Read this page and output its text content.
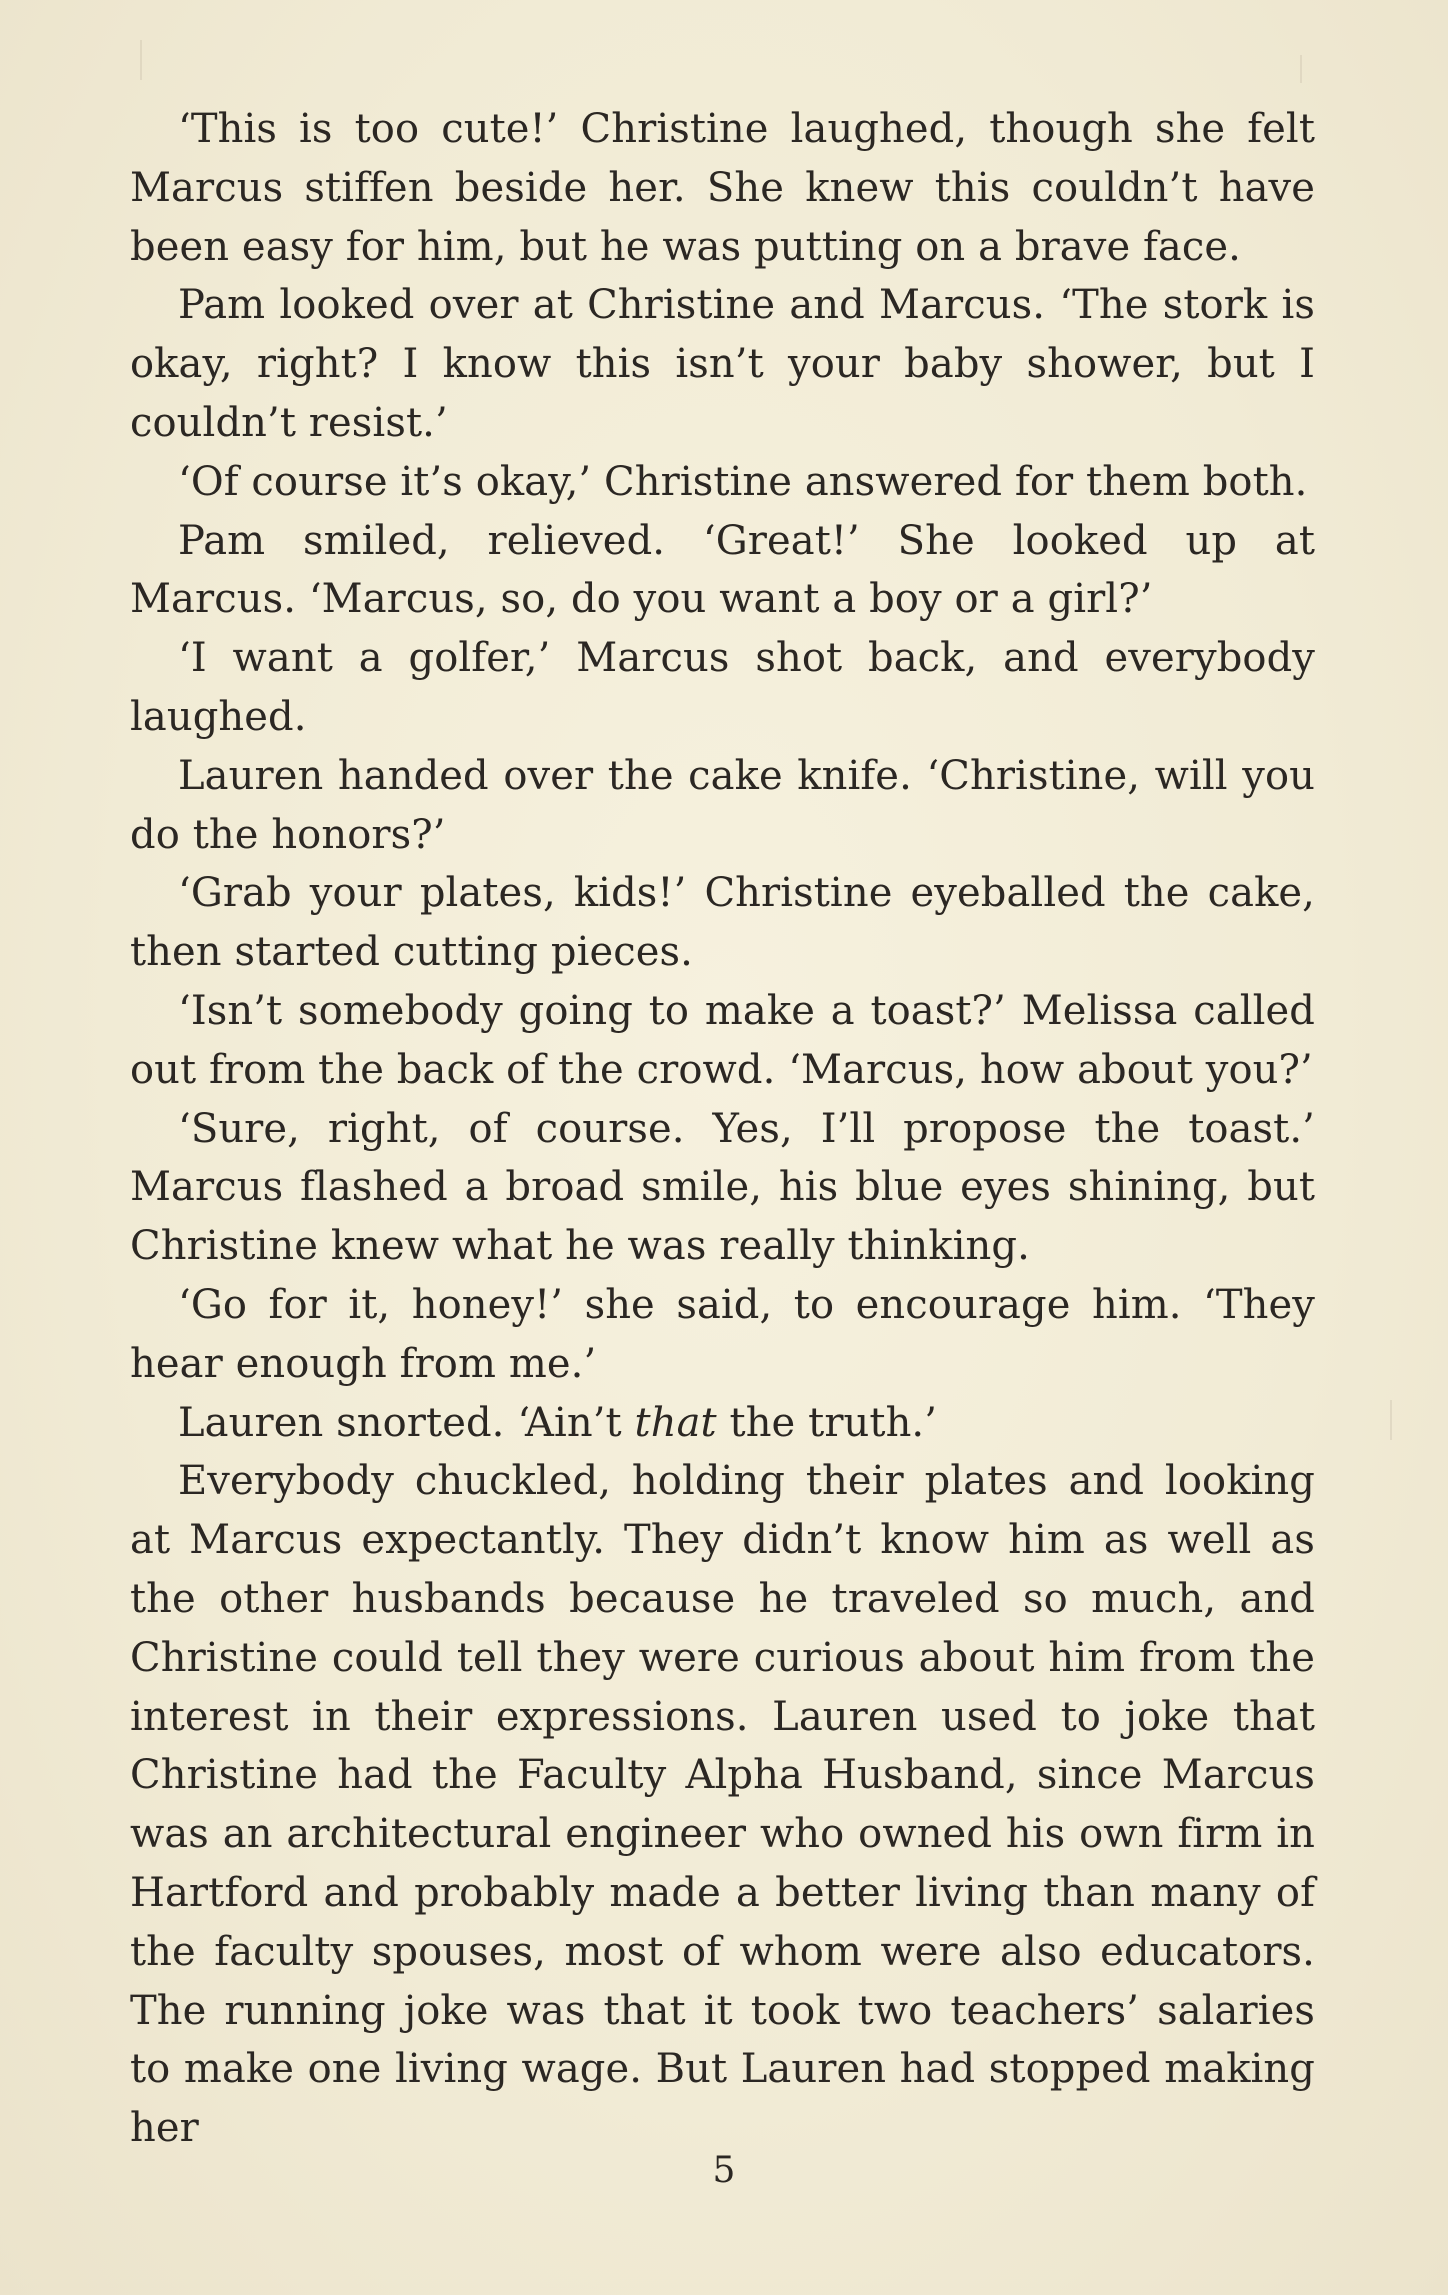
‘This is too cute!’ Christine laughed, though she felt Marcus stiffen beside her. She knew this couldn’t have been easy for him, but he was putting on a brave face.

Pam looked over at Christine and Marcus. ‘The stork is okay, right? I know this isn’t your baby shower, but I couldn’t resist.’

‘Of course it’s okay,’ Christine answered for them both.

Pam smiled, relieved. ‘Great!’ She looked up at Marcus. ‘Marcus, so, do you want a boy or a girl?’

‘I want a golfer,’ Marcus shot back, and everybody laughed.

Lauren handed over the cake knife. ‘Christine, will you do the honors?’

‘Grab your plates, kids!’ Christine eyeballed the cake, then started cutting pieces.

‘Isn’t somebody going to make a toast?’ Melissa called out from the back of the crowd. ‘Marcus, how about you?’

‘Sure, right, of course. Yes, I’ll propose the toast.’ Marcus flashed a broad smile, his blue eyes shining, but Christine knew what he was really thinking.

‘Go for it, honey!’ she said, to encourage him. ‘They hear enough from me.’

Lauren snorted. ‘Ain’t that the truth.’

Everybody chuckled, holding their plates and looking at Marcus expectantly. They didn’t know him as well as the other husbands because he traveled so much, and Christine could tell they were curious about him from the interest in their expressions. Lauren used to joke that Christine had the Faculty Alpha Husband, since Marcus was an architectural engineer who owned his own firm in Hartford and probably made a better living than many of the faculty spouses, most of whom were also educators. The running joke was that it took two teachers’ salaries to make one living wage. But Lauren had stopped making her

5
